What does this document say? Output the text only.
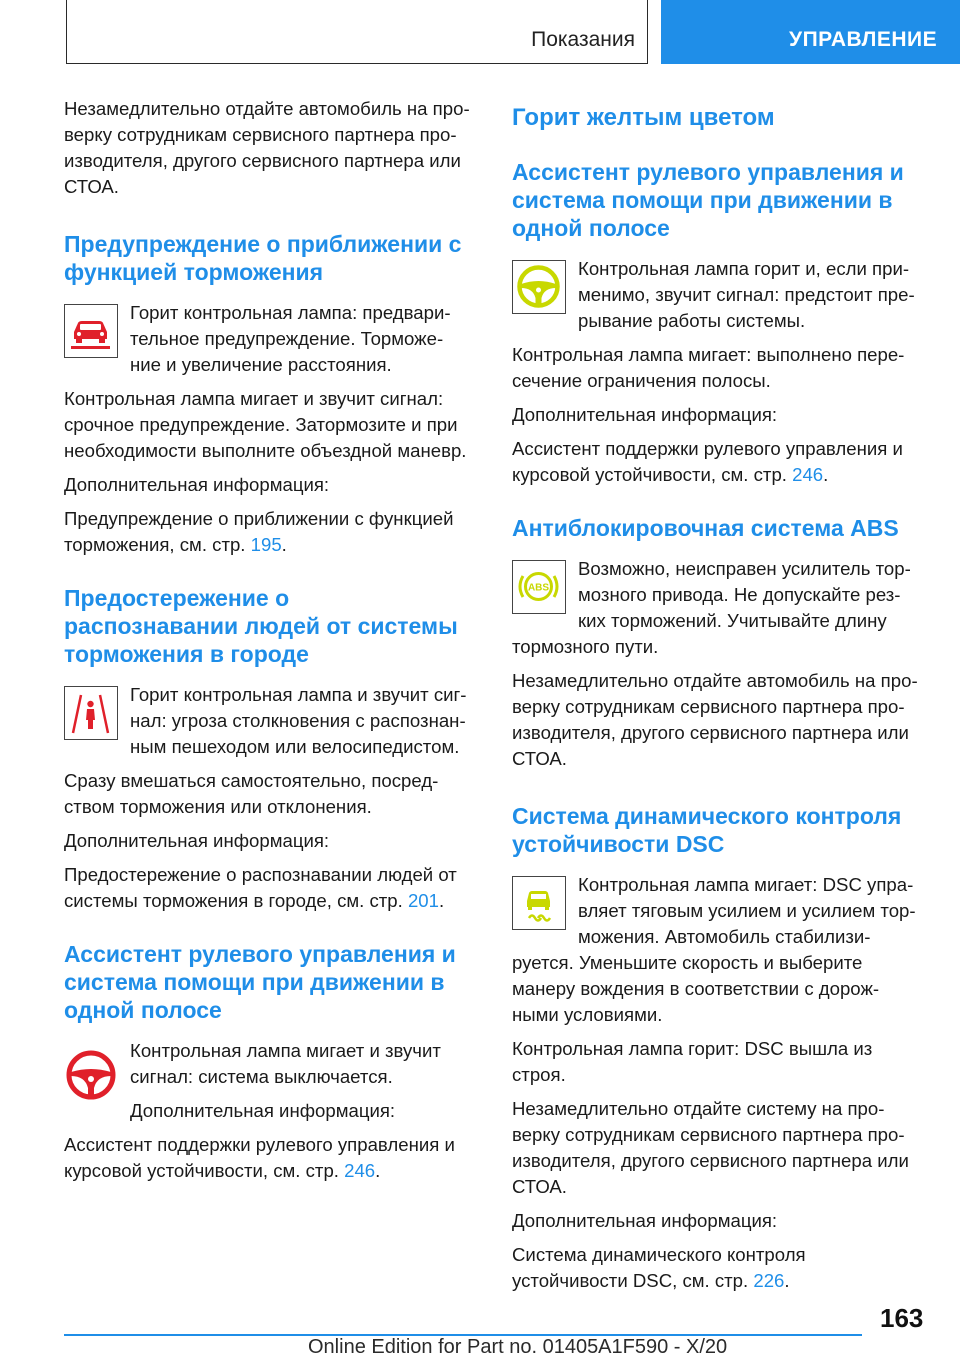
Показания	УПРАВЛЕНИЕ

Незамедлительно отдайте автомобиль на про-
верку сотрудникам сервисного партнера про-
изводителя, другого сервисного партнера или
СТОА.

Предупреждение о приближении с
функцией торможения

Горит контрольная лампа: предвари-
тельное предупреждение. Торможе-
ние и увеличение расстояния.

Контрольная лампа мигает и звучит сигнал:
срочное предупреждение. Затормозите и при
необходимости выполните объездной маневр.

Дополнительная информация:

Предупреждение о приближении с функцией
торможения, см. стр. 195.

Предостережение о
распознавании людей от системы
торможения в городе

Горит контрольная лампа и звучит сиг-
нал: угроза столкновения с распознан-
ным пешеходом или велосипедистом.

Сразу вмешаться самостоятельно, посред-
ством торможения или отклонения.

Дополнительная информация:

Предостережение о распознавании людей от
системы торможения в городе, см. стр. 201.

Ассистент рулевого управления и
система помощи при движении в
одной полосе

Контрольная лампа мигает и звучит
сигнал: система выключается.

Дополнительная информация:

Ассистент поддержки рулевого управления и
курсовой устойчивости, см. стр. 246.

Горит желтым цветом
Ассистент рулевого управления и
система помощи при движении в
одной полосе

Контрольная лампа горит и, если при-
менимо, звучит сигнал: предстоит пре-
рывание работы системы.

Контрольная лампа мигает: выполнено пере-
сечение ограничения полосы.

Дополнительная информация:

Ассистент поддержки рулевого управления и
курсовой устойчивости, см. стр. 246.

Антиблокировочная система ABS
ABS

Возможно, неисправен усилитель тор-
мозного привода. Не допускайте рез-
ких торможений. Учитывайте длину

тормозного пути.

Незамедлительно отдайте автомобиль на про-
верку сотрудникам сервисного партнера про-
изводителя, другого сервисного партнера или
СТОА.

Система динамического контроля
устойчивости DSC

Контрольная лампа мигает: DSC упра-
вляет тяговым усилием и усилием тор-
можения. Автомобиль стабилизи-

руется. Уменьшите скорость и выберите
манеру вождения в соответствии с дорож-
ными условиями.

Контрольная лампа горит: DSC вышла из
строя.

Незамедлительно отдайте систему на про-
верку сотрудникам сервисного партнера про-
изводителя, другого сервисного партнера или
СТОА.

Дополнительная информация:

Система динамического контроля
устойчивости DSC, см. стр. 226.

163
Online Edition for Part no. 01405A1F590 - X/20
